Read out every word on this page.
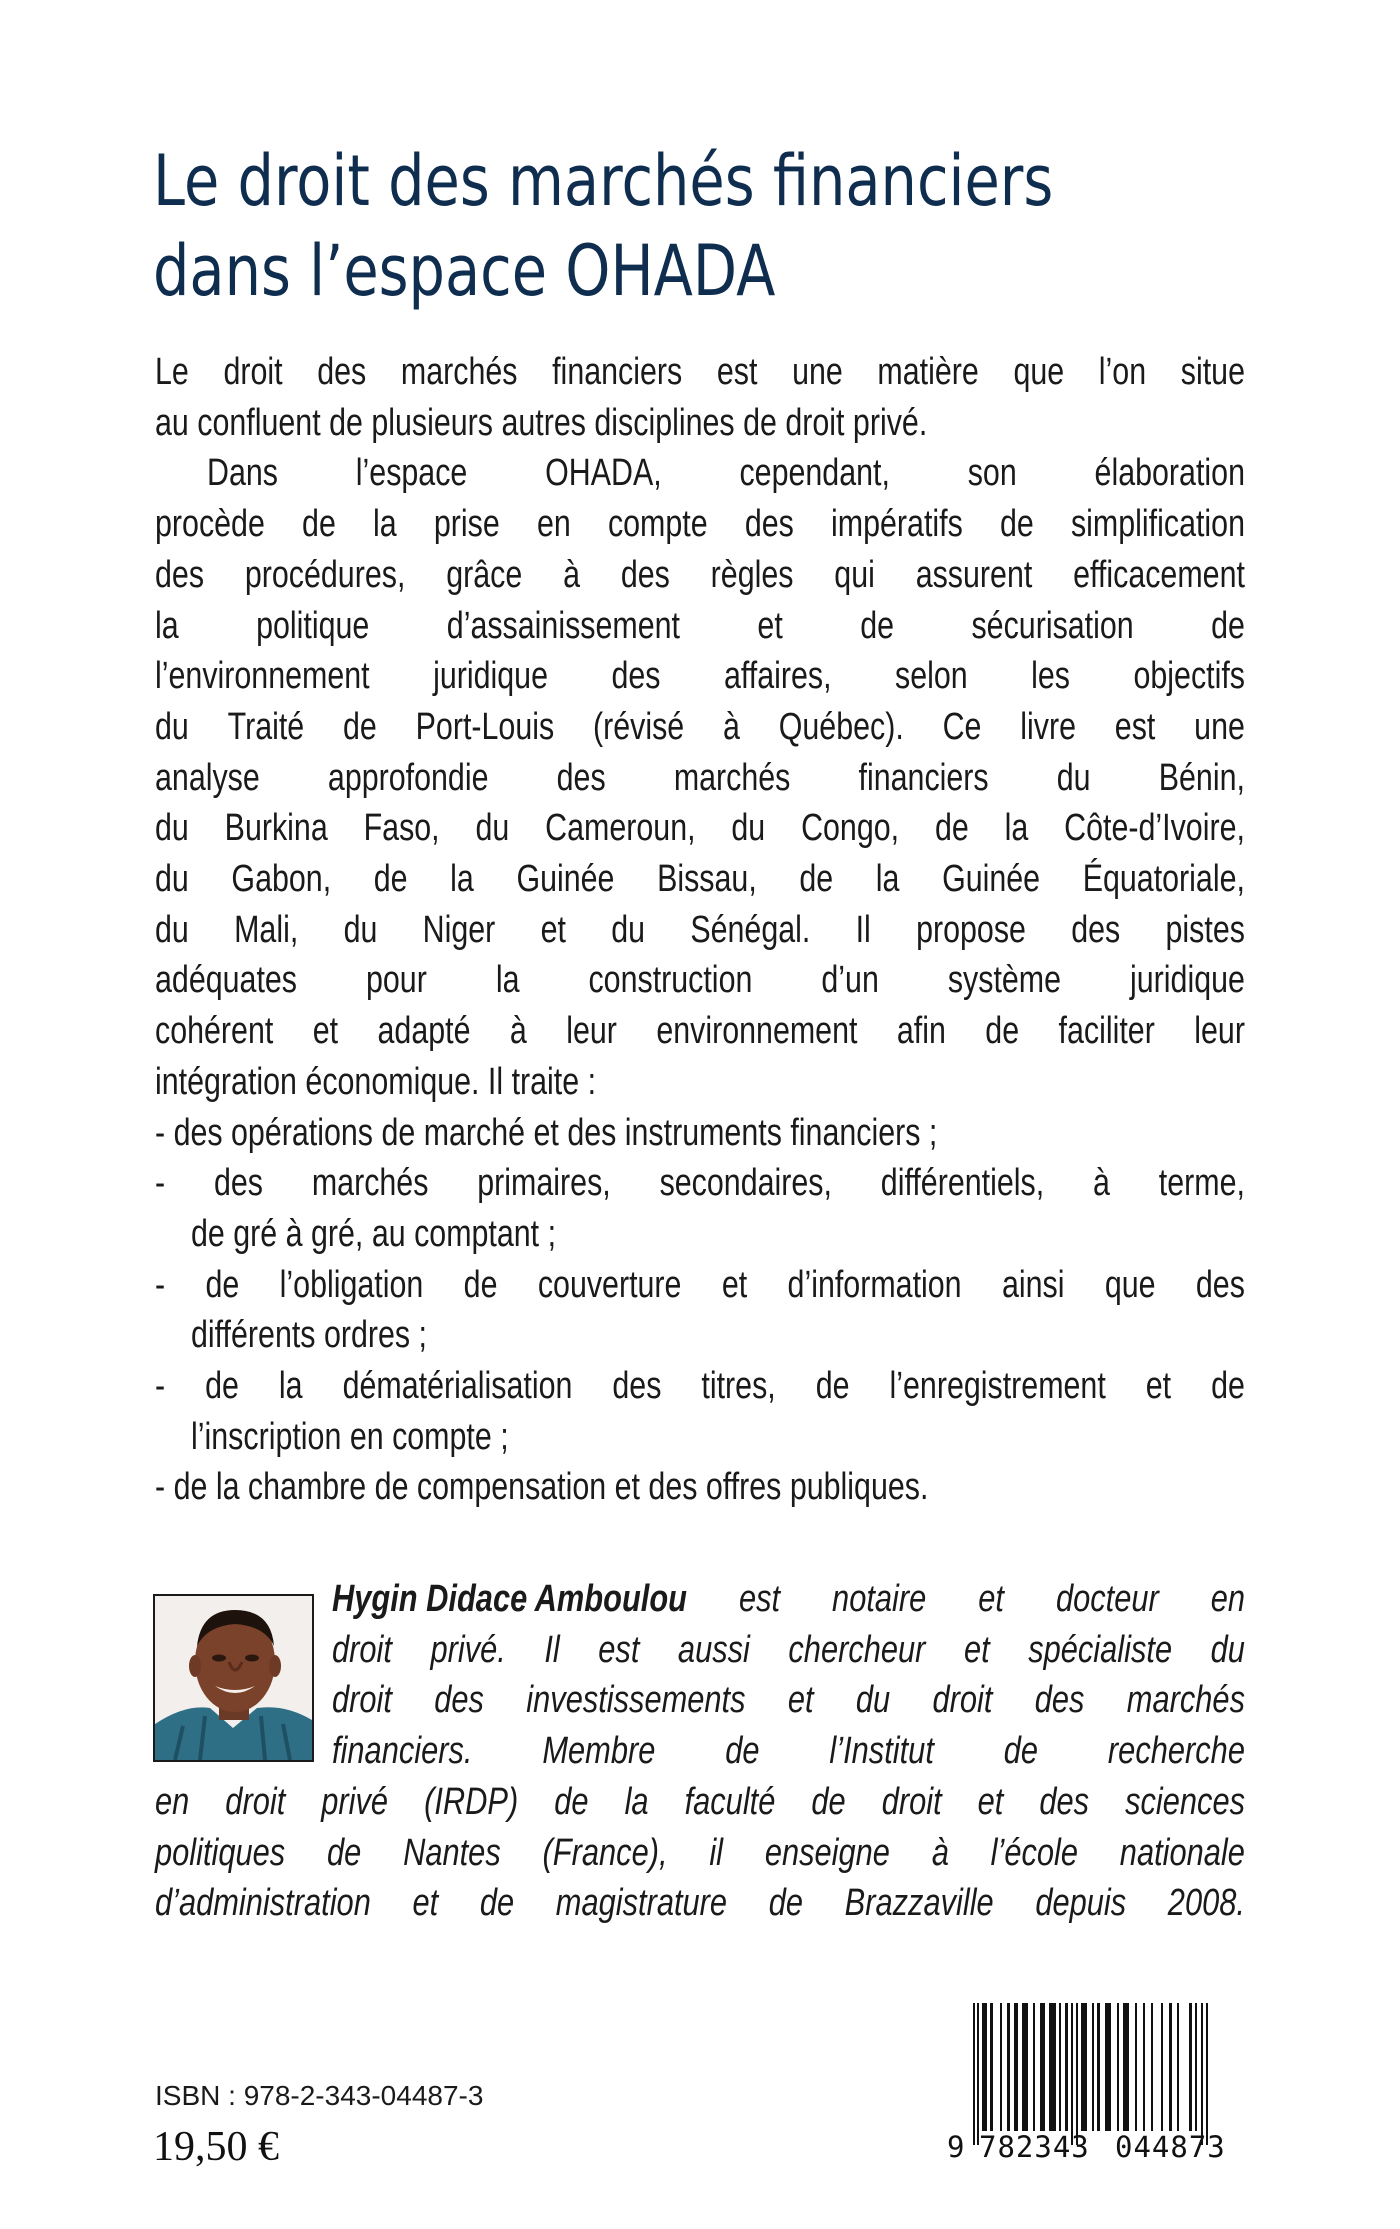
Le droit des marchés financiers
dans l’espace OHADA
Le droit des marchés financiers est une matière que l’on situe
au confluent de plusieurs autres disciplines de droit privé.
Dans l’espace OHADA, cependant, son élaboration
procède de la prise en compte des impératifs de simplification
des procédures, grâce à des règles qui assurent efficacement
la politique d’assainissement et de sécurisation de
l’environnement juridique des affaires, selon les objectifs
du Traité de Port-Louis (révisé à Québec). Ce livre est une
analyse approfondie des marchés financiers du Bénin,
du Burkina Faso, du Cameroun, du Congo, de la Côte-d’Ivoire,
du Gabon, de la Guinée Bissau, de la Guinée Équatoriale,
du Mali, du Niger et du Sénégal. Il propose des pistes
adéquates pour la construction d’un système juridique
cohérent et adapté à leur environnement afin de faciliter leur
intégration économique. Il traite :
- des opérations de marché et des instruments financiers ;
- des marchés primaires, secondaires, différentiels, à terme,
de gré à gré, au comptant ;
- de l’obligation de couverture et d’information ainsi que des
différents ordres ;
- de la dématérialisation des titres, de l’enregistrement et de
l’inscription en compte ;
- de la chambre de compensation et des offres publiques.
Hygin Didace Amboulou est notaire et docteur en
droit privé. Il est aussi chercheur et spécialiste du
droit des investissements et du droit des marchés
financiers. Membre de l’Institut de recherche
en droit privé (IRDP) de la faculté de droit et des sciences
politiques de Nantes (France), il enseigne à l’école nationale
d’administration et de magistrature de Brazzaville depuis 2008.
ISBN : 978-2-343-04487-3
19,50 €	9 782343 044873
